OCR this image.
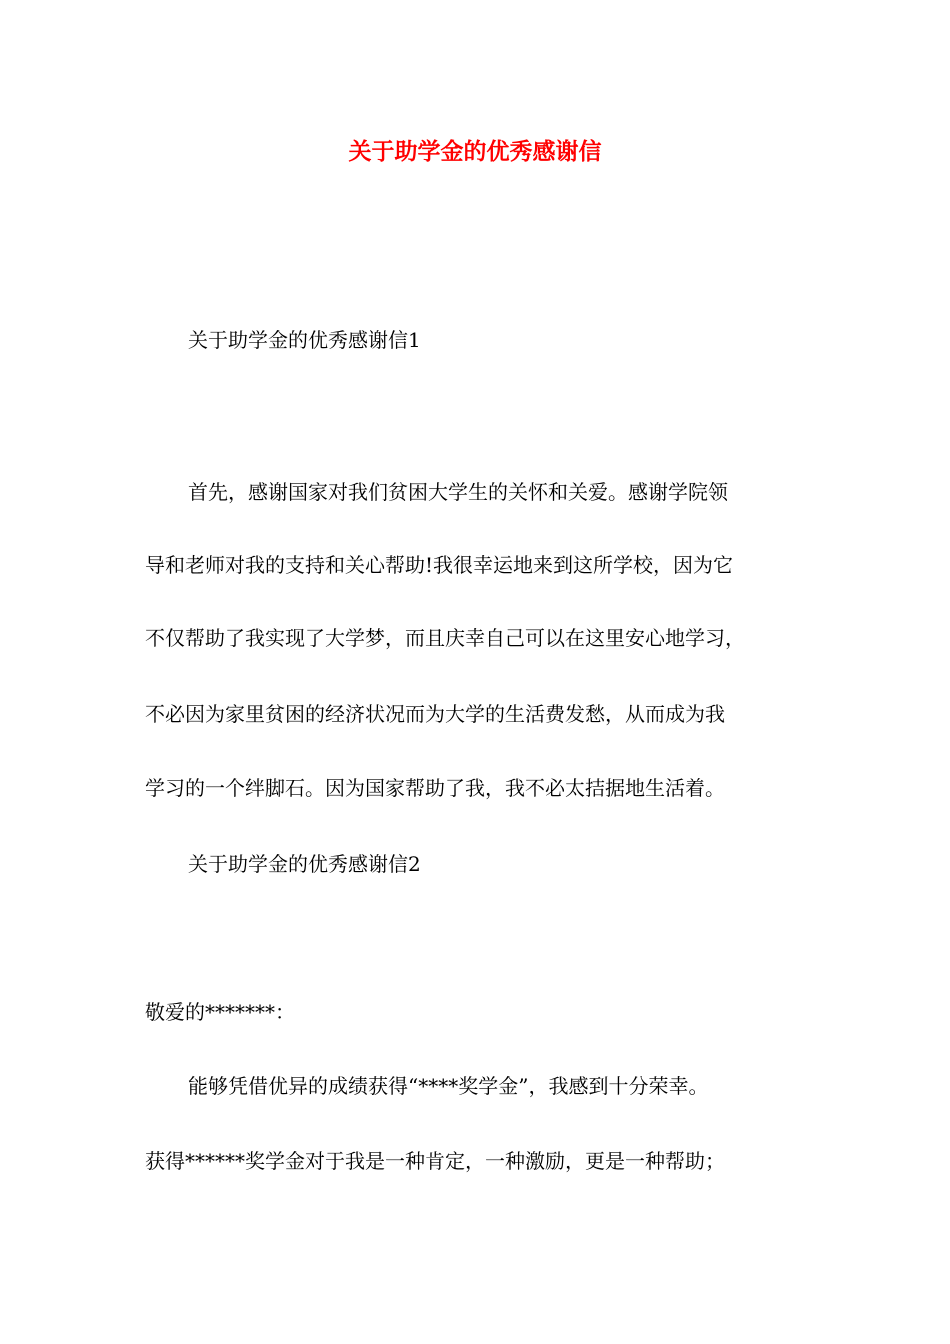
关于助学金的优秀感谢信

关于助学金的优秀感谢信1

首先，感谢国家对我们贫困大学生的关怀和关爱。感谢学院领

导和老师对我的支持和关心帮助!我很幸运地来到这所学校，因为它

不仅帮助了我实现了大学梦，而且庆幸自己可以在这里安心地学习，

不必因为家里贫困的经济状况而为大学的生活费发愁，从而成为我

学习的一个绊脚石。因为国家帮助了我，我不必太拮据地生活着。

关于助学金的优秀感谢信2

敬爱的*******：

能够凭借优异的成绩获得“****奖学金”，我感到十分荣幸。

获得******奖学金对于我是一种肯定，一种激励，更是一种帮助；
